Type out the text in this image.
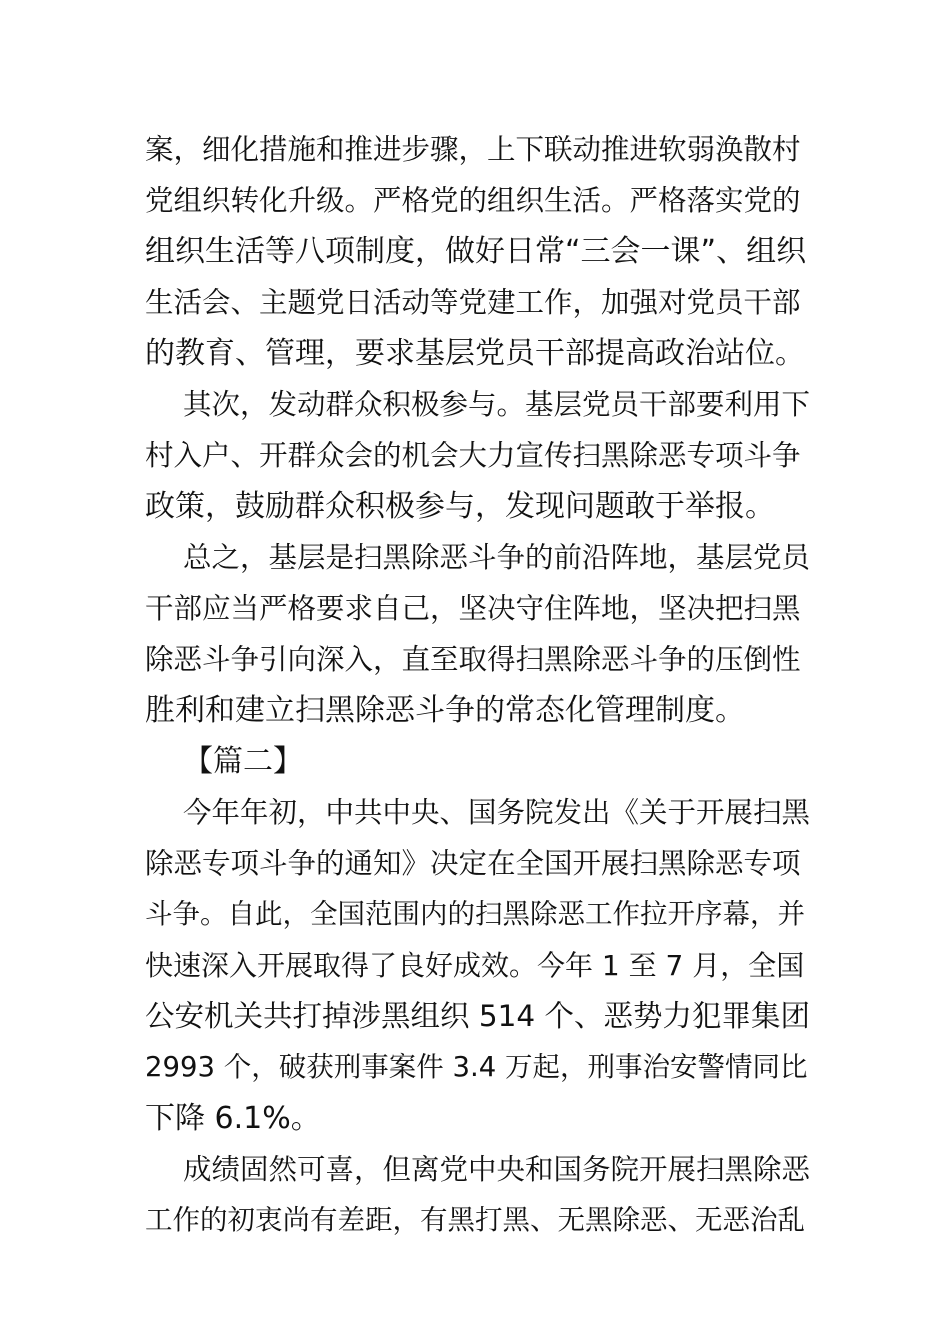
案，细化措施和推进步骤，上下联动推进软弱涣散村

党组织转化升级。严格党的组织生活。严格落实党的

组织生活等八项制度，做好日常“三会一课”、组织

生活会、主题党日活动等党建工作，加强对党员干部

的教育、管理，要求基层党员干部提高政治站位。

其次，发动群众积极参与。基层党员干部要利用下

村入户、开群众会的机会大力宣传扫黑除恶专项斗争

政策，鼓励群众积极参与，发现问题敢于举报。

总之，基层是扫黑除恶斗争的前沿阵地，基层党员

干部应当严格要求自己，坚决守住阵地，坚决把扫黑

除恶斗争引向深入，直至取得扫黑除恶斗争的压倒性

胜利和建立扫黑除恶斗争的常态化管理制度。

【篇二】

今年年初，中共中央、国务院发出《关于开展扫黑

除恶专项斗争的通知》决定在全国开展扫黑除恶专项

斗争。自此，全国范围内的扫黑除恶工作拉开序幕，并

快速深入开展取得了良好成效。今年 1 至 7 月，全国

公安机关共打掉涉黑组织 514 个、恶势力犯罪集团

2993 个，破获刑事案件 3.4 万起，刑事治安警情同比

下降 6.1%。

成绩固然可喜，但离党中央和国务院开展扫黑除恶

工作的初衷尚有差距，有黑打黑、无黑除恶、无恶治乱
